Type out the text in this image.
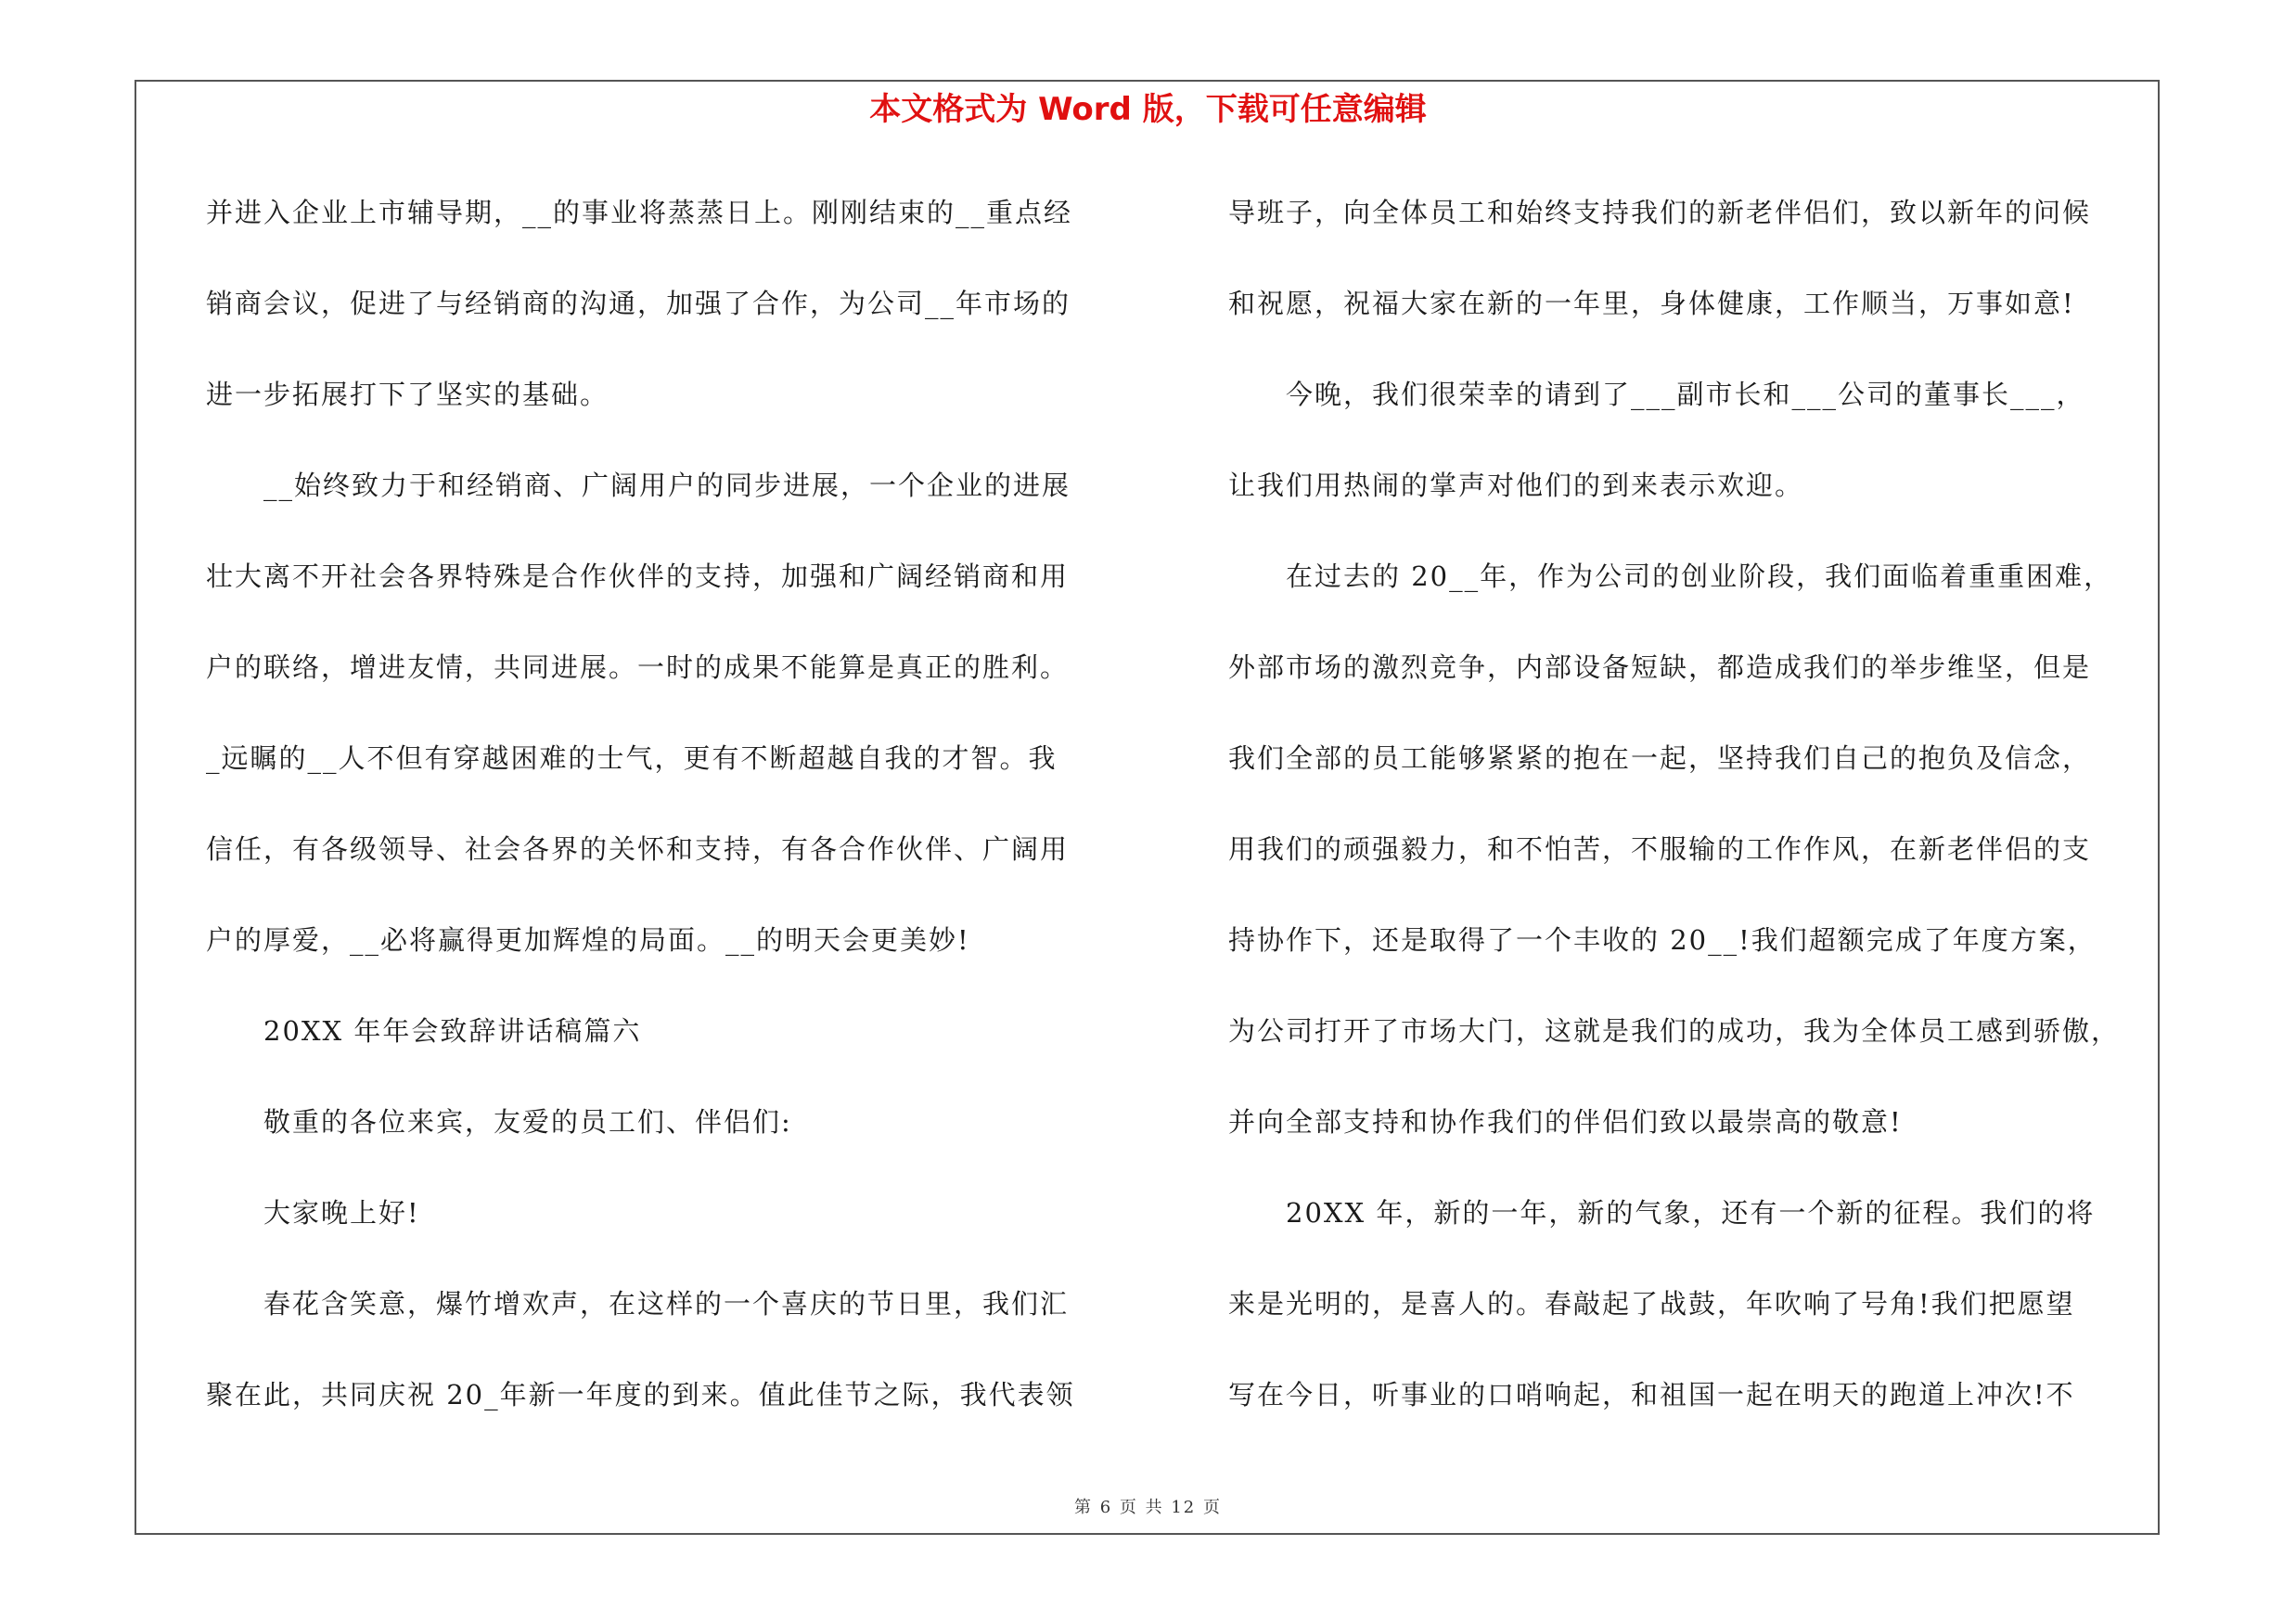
本文格式为 Word 版，下载可任意编辑
并进入企业上市辅导期，__的事业将蒸蒸日上。刚刚结束的__重点经
销商会议，促进了与经销商的沟通，加强了合作，为公司__年市场的
进一步拓展打下了坚实的基础。
　　__始终致力于和经销商、广阔用户的同步进展，一个企业的进展
壮大离不开社会各界特殊是合作伙伴的支持，加强和广阔经销商和用
户的联络，增进友情，共同进展。一时的成果不能算是真正的胜利。
_远瞩的__人不但有穿越困难的士气，更有不断超越自我的才智。我
信任，有各级领导、社会各界的关怀和支持，有各合作伙伴、广阔用
户的厚爱，__必将赢得更加辉煌的局面。__的明天会更美妙!
　　20XX 年年会致辞讲话稿篇六
　　敬重的各位来宾，友爱的员工们、伴侣们:
　　大家晚上好!
　　春花含笑意，爆竹增欢声，在这样的一个喜庆的节日里，我们汇
聚在此，共同庆祝 20_年新一年度的到来。值此佳节之际，我代表领
导班子，向全体员工和始终支持我们的新老伴侣们，致以新年的问候
和祝愿，祝福大家在新的一年里，身体健康，工作顺当，万事如意!
　　今晚，我们很荣幸的请到了___副市长和___公司的董事长___，
让我们用热闹的掌声对他们的到来表示欢迎。
　　在过去的 20__年，作为公司的创业阶段，我们面临着重重困难，
外部市场的激烈竞争，内部设备短缺，都造成我们的举步维坚，但是
我们全部的员工能够紧紧的抱在一起，坚持我们自己的抱负及信念，
用我们的顽强毅力，和不怕苦，不服输的工作作风，在新老伴侣的支
持协作下，还是取得了一个丰收的 20__!我们超额完成了年度方案，
为公司打开了市场大门，这就是我们的成功，我为全体员工感到骄傲，
并向全部支持和协作我们的伴侣们致以最崇高的敬意!
　　20XX 年，新的一年，新的气象，还有一个新的征程。我们的将
来是光明的，是喜人的。春敲起了战鼓，年吹响了号角!我们把愿望
写在今日，听事业的口哨响起，和祖国一起在明天的跑道上冲次!不
第 6 页 共 12 页
